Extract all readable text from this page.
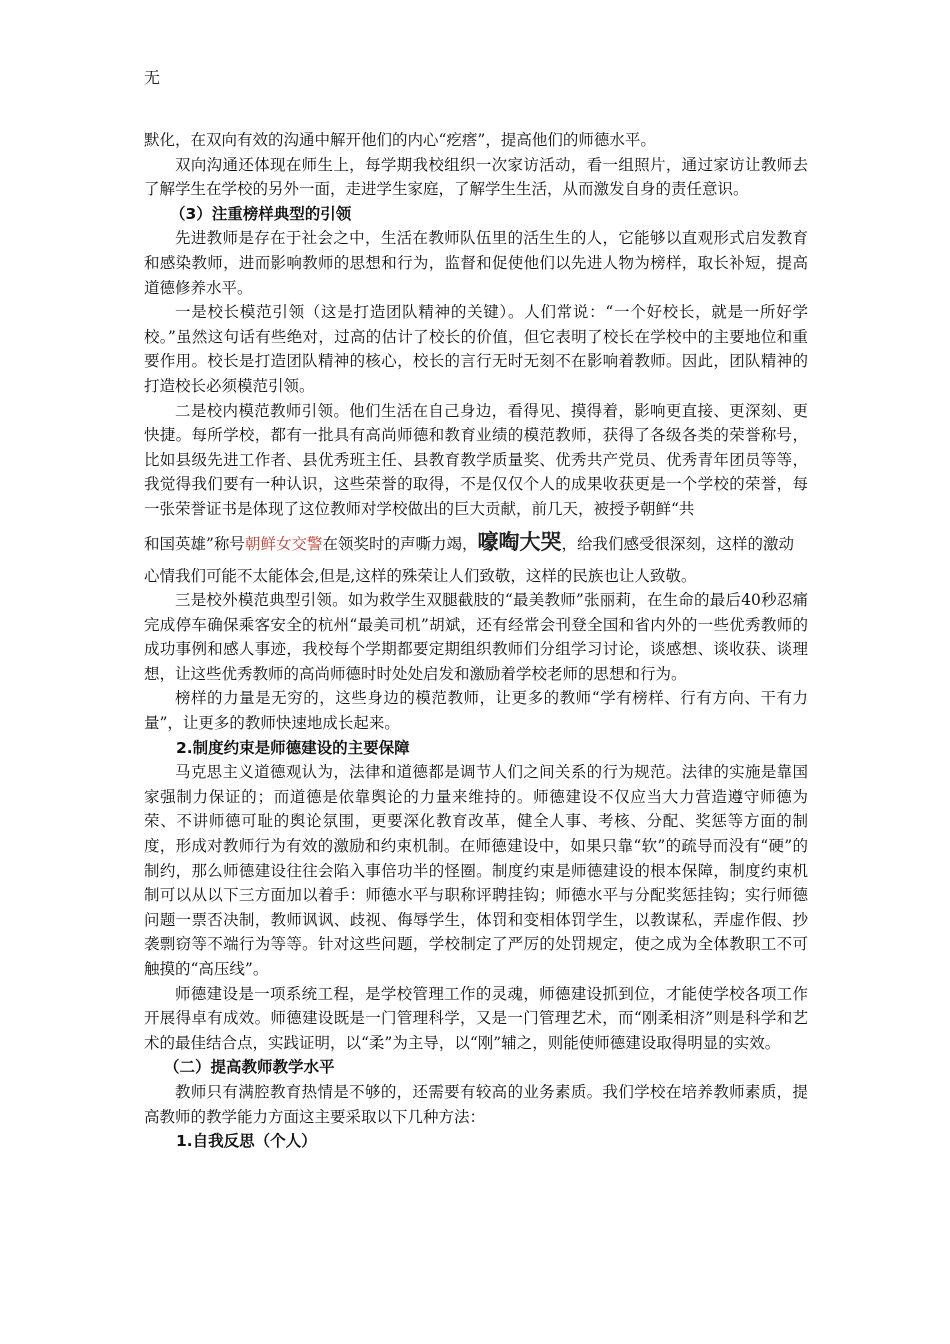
无

默化，在双向有效的沟通中解开他们的内心“疙瘩”，提高他们的师德水平。

双向沟通还体现在师生上，每学期我校组织一次家访活动，看一组照片，通过家访让教师去了解学生在学校的另外一面，走进学生家庭，了解学生生活，从而激发自身的责任意识。

（3）注重榜样典型的引领

先进教师是存在于社会之中，生活在教师队伍里的活生生的人，它能够以直观形式启发教育和感染教师，进而影响教师的思想和行为，监督和促使他们以先进人物为榜样，取长补短，提高道德修养水平。

一是校长模范引领（这是打造团队精神的关键）。人们常说：“一个好校长，就是一所好学校。”虽然这句话有些绝对，过高的估计了校长的价值，但它表明了校长在学校中的主要地位和重要作用。校长是打造团队精神的核心，校长的言行无时无刻不在影响着教师。因此，团队精神的打造校长必须模范引领。

二是校内模范教师引领。他们生活在自己身边，看得见、摸得着，影响更直接、更深刻、更快捷。每所学校，都有一批具有高尚师德和教育业绩的模范教师，获得了各级各类的荣誉称号，比如县级先进工作者、县优秀班主任、县教育教学质量奖、优秀共产党员、优秀青年团员等等，我觉得我们要有一种认识，这些荣誉的取得，不是仅仅个人的成果收获更是一个学校的荣誉，每一张荣誉证书是体现了这位教师对学校做出的巨大贡献，前几天，被授予朝鲜“共

和国英雄”称号朝鲜女交警在领奖时的声嘶力竭，嚎啕大哭，给我们感受很深刻，这样的激动

心情我们可能不太能体会,但是,这样的殊荣让人们致敬，这样的民族也让人致敬。

三是校外模范典型引领。如为救学生双腿截肢的“最美教师”张丽莉，在生命的最后40秒忍痛完成停车确保乘客安全的杭州“最美司机”胡斌，还有经常会刊登全国和省内外的一些优秀教师的成功事例和感人事迹，我校每个学期都要定期组织教师们分组学习讨论，谈感想、谈收获、谈理想，让这些优秀教师的高尚师德时时处处启发和激励着学校老师的思想和行为。

榜样的力量是无穷的，这些身边的模范教师，让更多的教师“学有榜样、行有方向、干有力量”，让更多的教师快速地成长起来。

2.制度约束是师德建设的主要保障

马克思主义道德观认为，法律和道德都是调节人们之间关系的行为规范。法律的实施是靠国家强制力保证的；而道德是依靠舆论的力量来维持的。师德建设不仅应当大力营造遵守师德为荣、不讲师德可耻的舆论氛围，更要深化教育改革，健全人事、考核、分配、奖惩等方面的制度，形成对教师行为有效的激励和约束机制。在师德建设中，如果只靠“软”的疏导而没有“硬”的制约，那么师德建设往往会陷入事倍功半的怪圈。制度约束是师德建设的根本保障，制度约束机制可以从以下三方面加以着手：师德水平与职称评聘挂钩；师德水平与分配奖惩挂钩；实行师德问题一票否决制，教师讽讽、歧视、侮辱学生，体罚和变相体罚学生，以教谋私，弄虚作假、抄袭剽窃等不端行为等等。针对这些问题，学校制定了严厉的处罚规定，使之成为全体教职工不可触摸的“高压线”。

师德建设是一项系统工程，是学校管理工作的灵魂，师德建设抓到位，才能使学校各项工作开展得卓有成效。师德建设既是一门管理科学，又是一门管理艺术，而“刚柔相济”则是科学和艺术的最佳结合点，实践证明，以“柔”为主导，以“刚”辅之，则能使师德建设取得明显的实效。

（二）提高教师教学水平

教师只有满腔教育热情是不够的，还需要有较高的业务素质。我们学校在培养教师素质，提高教师的教学能力方面这主要采取以下几种方法：

1.自我反思（个人）
